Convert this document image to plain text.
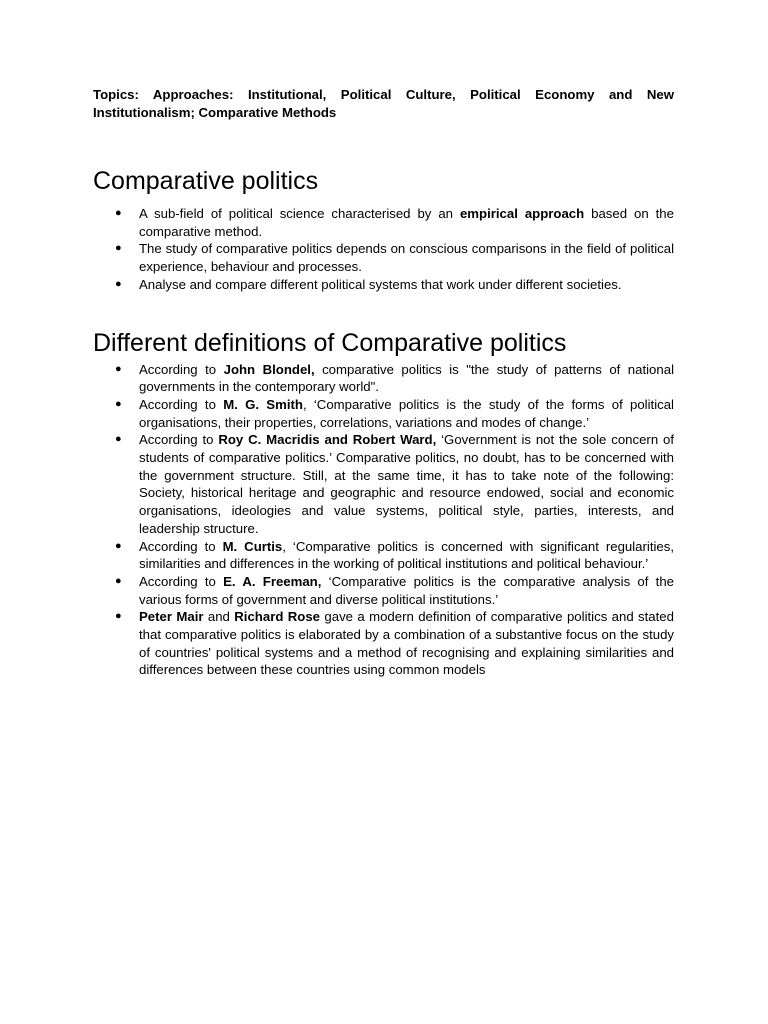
Topics: Approaches: Institutional, Political Culture, Political Economy and New Institutionalism; Comparative Methods

Comparative politics
● A sub-field of political science characterised by an empirical approach based on the comparative method.
● The study of comparative politics depends on conscious comparisons in the field of political experience, behaviour and processes.
● Analyse and compare different political systems that work under different societies.
Different definitions of Comparative politics
● According to John Blondel, comparative politics is "the study of patterns of national governments in the contemporary world".
● According to M. G. Smith, ‘Comparative politics is the study of the forms of political organisations, their properties, correlations, variations and modes of change.’
● According to Roy C. Macridis and Robert Ward, ‘Government is not the sole concern of students of comparative politics.’ Comparative politics, no doubt, has to be concerned with the government structure. Still, at the same time, it has to take note of the following: Society, historical heritage and geographic and resource endowed, social and economic organisations, ideologies and value systems, political style, parties, interests, and leadership structure.
● According to M. Curtis, ‘Comparative politics is concerned with significant regularities, similarities and differences in the working of political institutions and political behaviour.’
● According to E. A. Freeman, ‘Comparative politics is the comparative analysis of the various forms of government and diverse political institutions.’
● Peter Mair and Richard Rose gave a modern definition of comparative politics and stated that comparative politics is elaborated by a combination of a substantive focus on the study of countries' political systems and a method of recognising and explaining similarities and differences between these countries using common models
